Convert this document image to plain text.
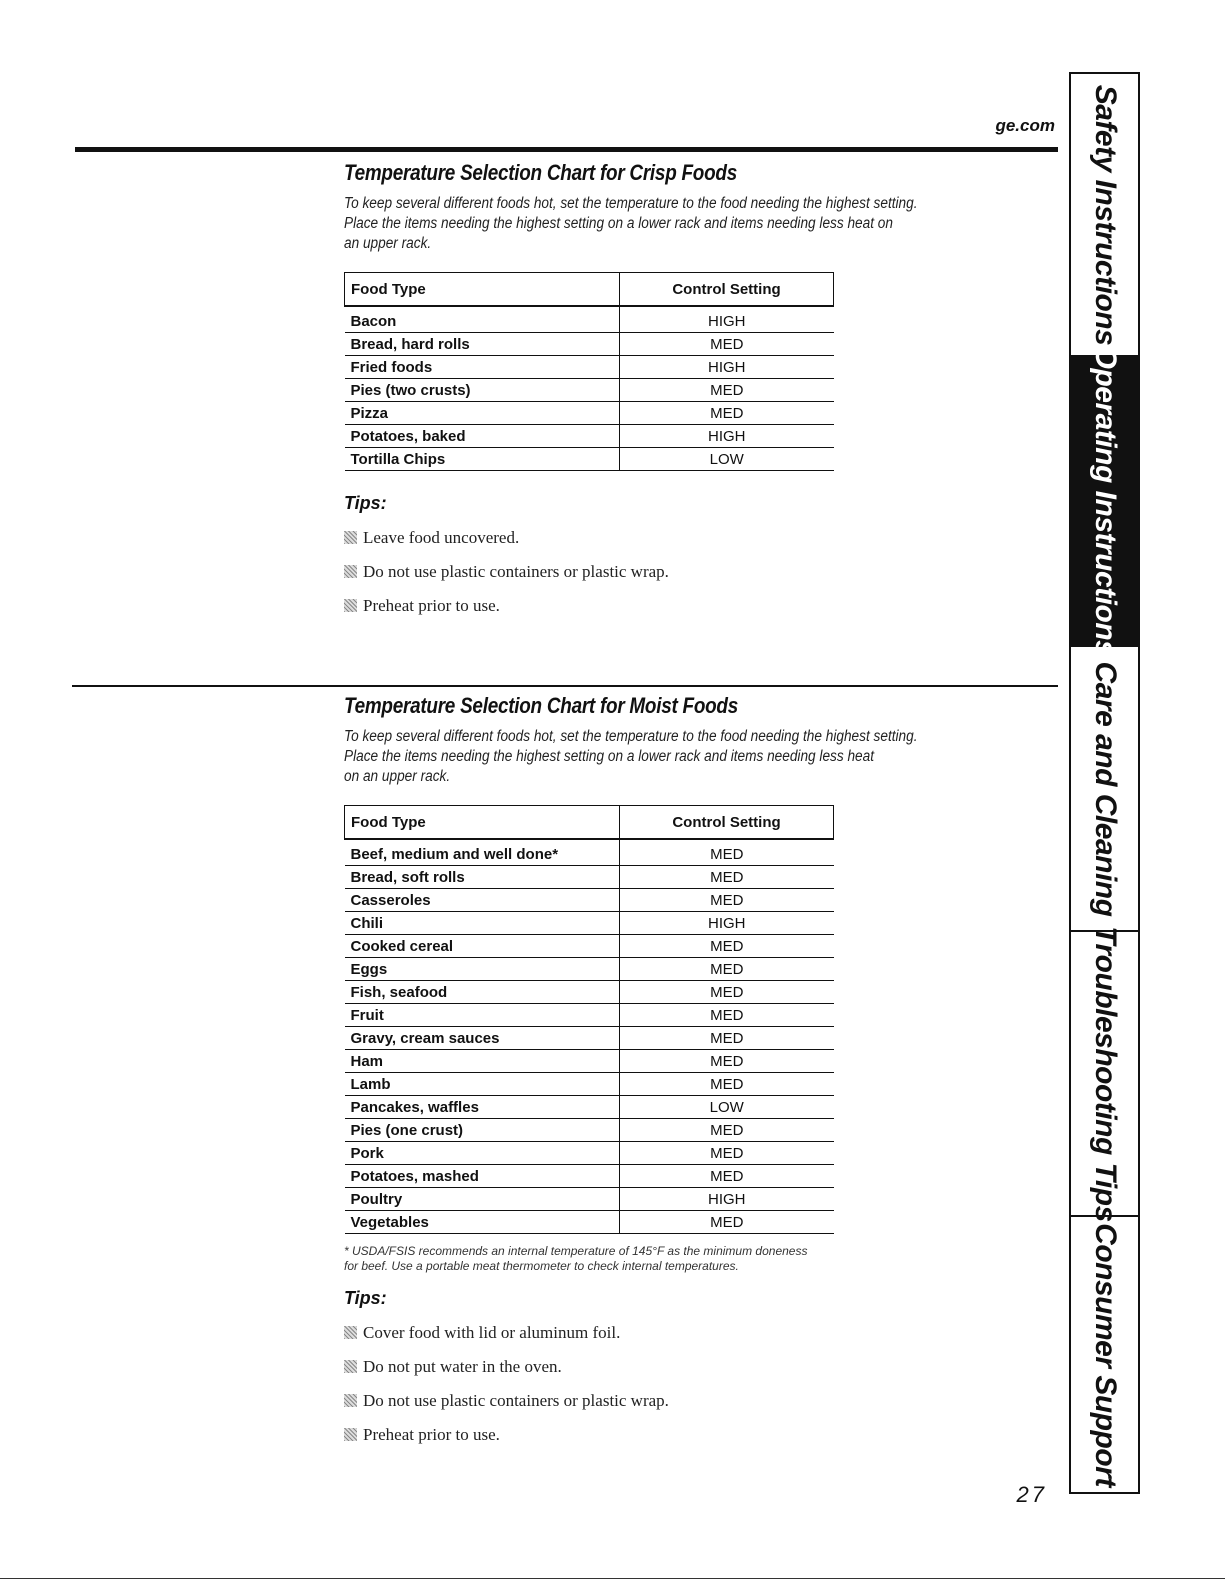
ge.com
Temperature Selection Chart for Crisp Foods
To keep several different foods hot, set the temperature to the food needing the highest setting.
Place the items needing the highest setting on a lower rack and items needing less heat on
an upper rack.
Food Type	Control Setting
Bacon	HIGH
Bread, hard rolls	MED
Fried foods	HIGH
Pies (two crusts)	MED
Pizza	MED
Potatoes, baked	HIGH
Tortilla Chips	LOW
Tips:
Leave food uncovered.
Do not use plastic containers or plastic wrap.
Preheat prior to use.
Temperature Selection Chart for Moist Foods
To keep several different foods hot, set the temperature to the food needing the highest setting.
Place the items needing the highest setting on a lower rack and items needing less heat
on an upper rack.
Food Type	Control Setting
Beef, medium and well done*	MED
Bread, soft rolls	MED
Casseroles	MED
Chili	HIGH
Cooked cereal	MED
Eggs	MED
Fish, seafood	MED
Fruit	MED
Gravy, cream sauces	MED
Ham	MED
Lamb	MED
Pancakes, waffles	LOW
Pies (one crust)	MED
Pork	MED
Potatoes, mashed	MED
Poultry	HIGH
Vegetables	MED
* USDA/FSIS recommends an internal temperature of 145°F as the minimum doneness for beef. Use a portable meat thermometer to check internal temperatures.
Tips:
Cover food with lid or aluminum foil.
Do not put water in the oven.
Do not use plastic containers or plastic wrap.
Preheat prior to use.
27
Safety Instructions
Operating Instructions
Care and Cleaning
Troubleshooting Tips
Consumer Support
